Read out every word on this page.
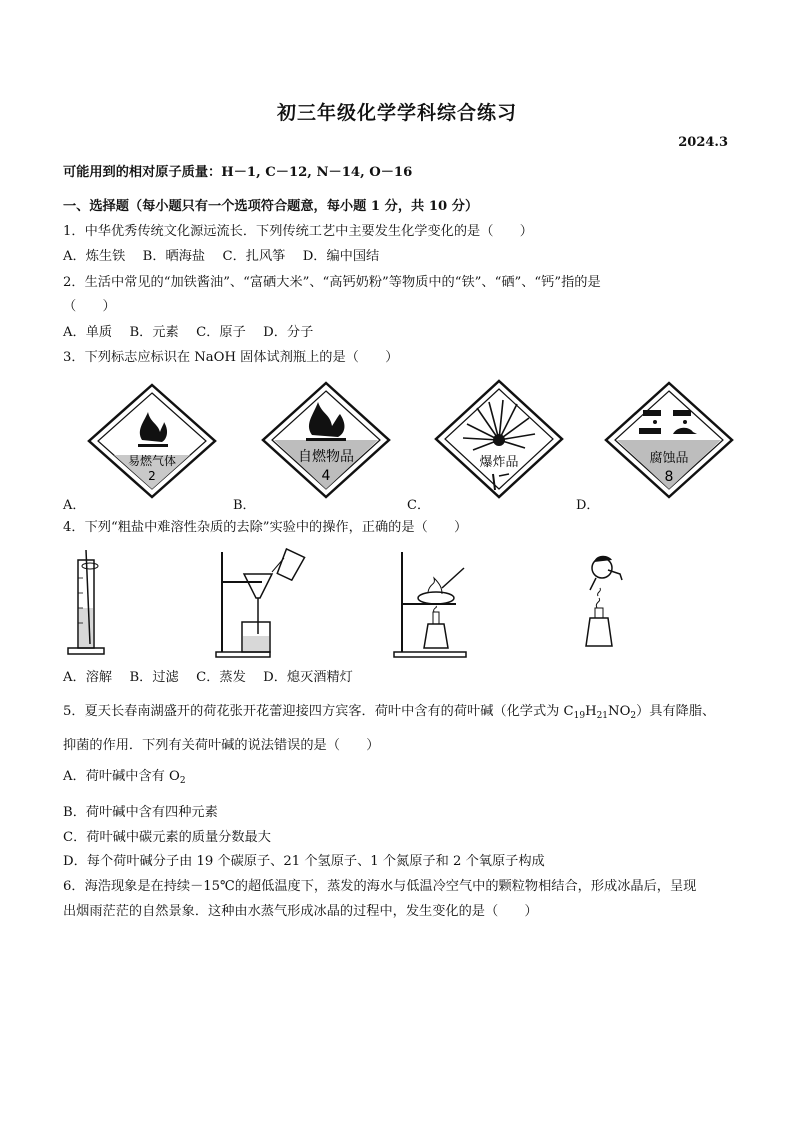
初三年级化学学科综合练习
2024.3
可能用到的相对原子质量：H－1, C－12, N－14, O－16
一、选择题（每小题只有一个选项符合题意，每小题 1 分，共 10 分）
1．中华优秀传统文化源远流长．下列传统工艺中主要发生化学变化的是（　　）
A．炼生铁　 B．晒海盐　 C．扎风筝　 D．编中国结
2．生活中常见的“加铁酱油”、“富硒大米”、“高钙奶粉”等物质中的“铁”、“硒”、“钙”指的是
（　　）
A．单质　 B．元素　 C．原子　 D．分子
3．下列标志应标识在 NaOH 固体试剂瓶上的是（　　）
易燃气体
2
自燃物品
4
爆炸品	腐蚀品
8
A．	B．	C．	D．
4．下列“粗盐中难溶性杂质的去除”实验中的操作，正确的是（　　）
A．溶解　 B．过滤　 C．蒸发　 D．熄灭酒精灯
5．夏天长春南湖盛开的荷花张开花蕾迎接四方宾客．荷叶中含有的荷叶碱（化学式为 $C_{19}H_{21}NO_2$）具有降脂、
抑菌的作用．下列有关荷叶碱的说法错误的是（　　）
A．荷叶碱中含有 $O_2$
B．荷叶碱中含有四种元素
C．荷叶碱中碳元素的质量分数最大
D．每个荷叶碱分子由 19 个碳原子、21 个氢原子、1 个氮原子和 2 个氧原子构成
6．海浩现象是在持续－15℃的超低温度下，蒸发的海水与低温冷空气中的颗粒物相结合，形成冰晶后，呈现
出烟雨茫茫的自然景象．这种由水蒸气形成冰晶的过程中，发生变化的是（　　）
